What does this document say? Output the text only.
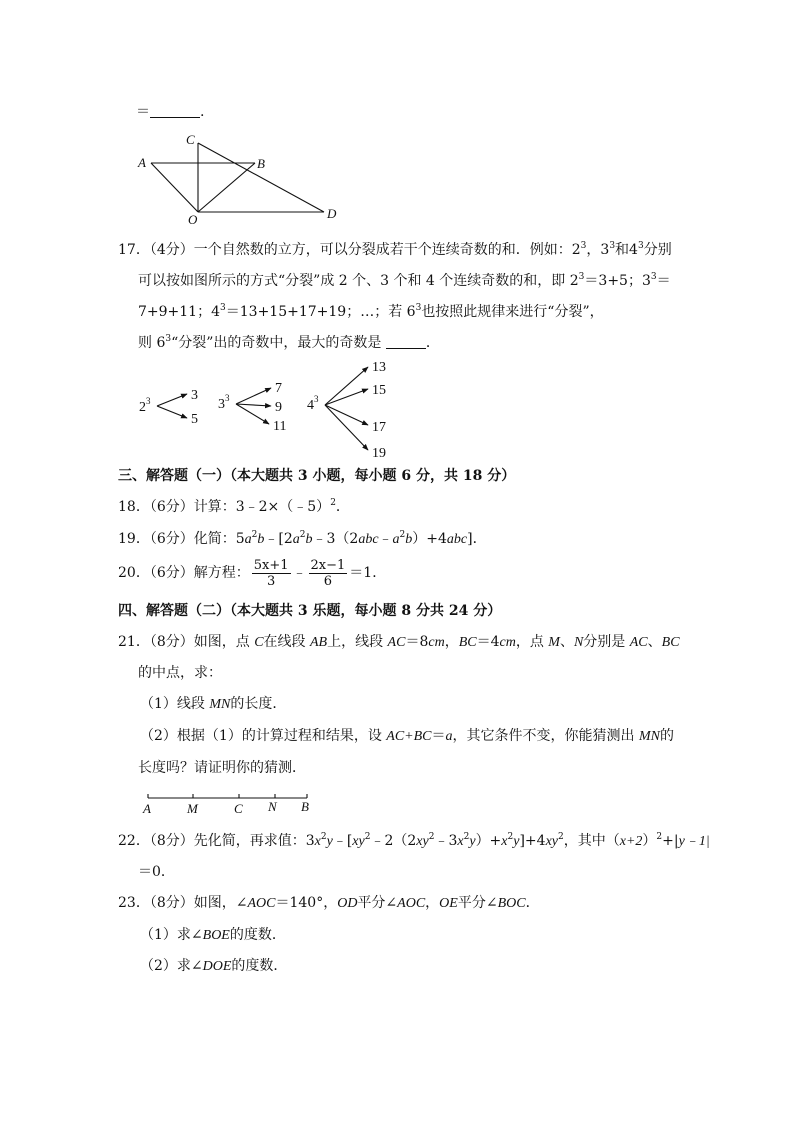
＝	.
C
A	B
O	D
17．（4分）一个自然数的立方，可以分裂成若干个连续奇数的和．例如：$2^3$，$3^3$和$4^3$分别
可以按如图所示的方式“分裂”成 2 个、3 个和 4 个连续奇数的和，即 $2^3=3+5$；$3^3=$
7+9+11；$4^3=13+15+17+19$；…；若 $6^3$也按照此规律来进行“分裂”，
则 $6^3“$分裂”出的奇数中，最大的奇数是	．
$2^3$	3
5
$3^3$
7
9
11
$4^3$
13
15
17
19
三、解答题（一）（本大题共 3 小题，每小题 6 分，共 18 分）
18．（6分）计算：3﹣2×（﹣5）$^2$．
19．（6分）化简：$5a^2b﹣[2a^2b﹣3(2abc﹣a^2b)+4abc]$．
20．（6分）解方程： $\frac{5x+1}{3}$ ﹣ $\frac{2x-1}{6} =1$．
四、解答题（二）（本大题共 3 乐题，每小题 8 分共 24 分）
21．（8分）如图，点 C在线段 AB上，线段 AC＝8cm，BC＝4cm，点 M、N分别是 AC、BC
的中点，求：
（1）线段 MN的长度．
（2）根据（1）的计算过程和结果，设 AC+BC＝a，其它条件不变，你能猜测出 MN的
长度吗？请证明你的猜测．
A	M	C N B
22．（8分）先化简，再求值：$3x^2y﹣[xy^2﹣2(2xy^2﹣3x^2y)+x^2y]+4xy^2$，其中$(x+2)^2+|y﹣1|$
＝0．
23．（8分）如图，∠AOC＝140°，OD平分∠AOC，OE平分∠BOC．
（1）求∠BOE的度数．
（2）求∠DOE的度数．
